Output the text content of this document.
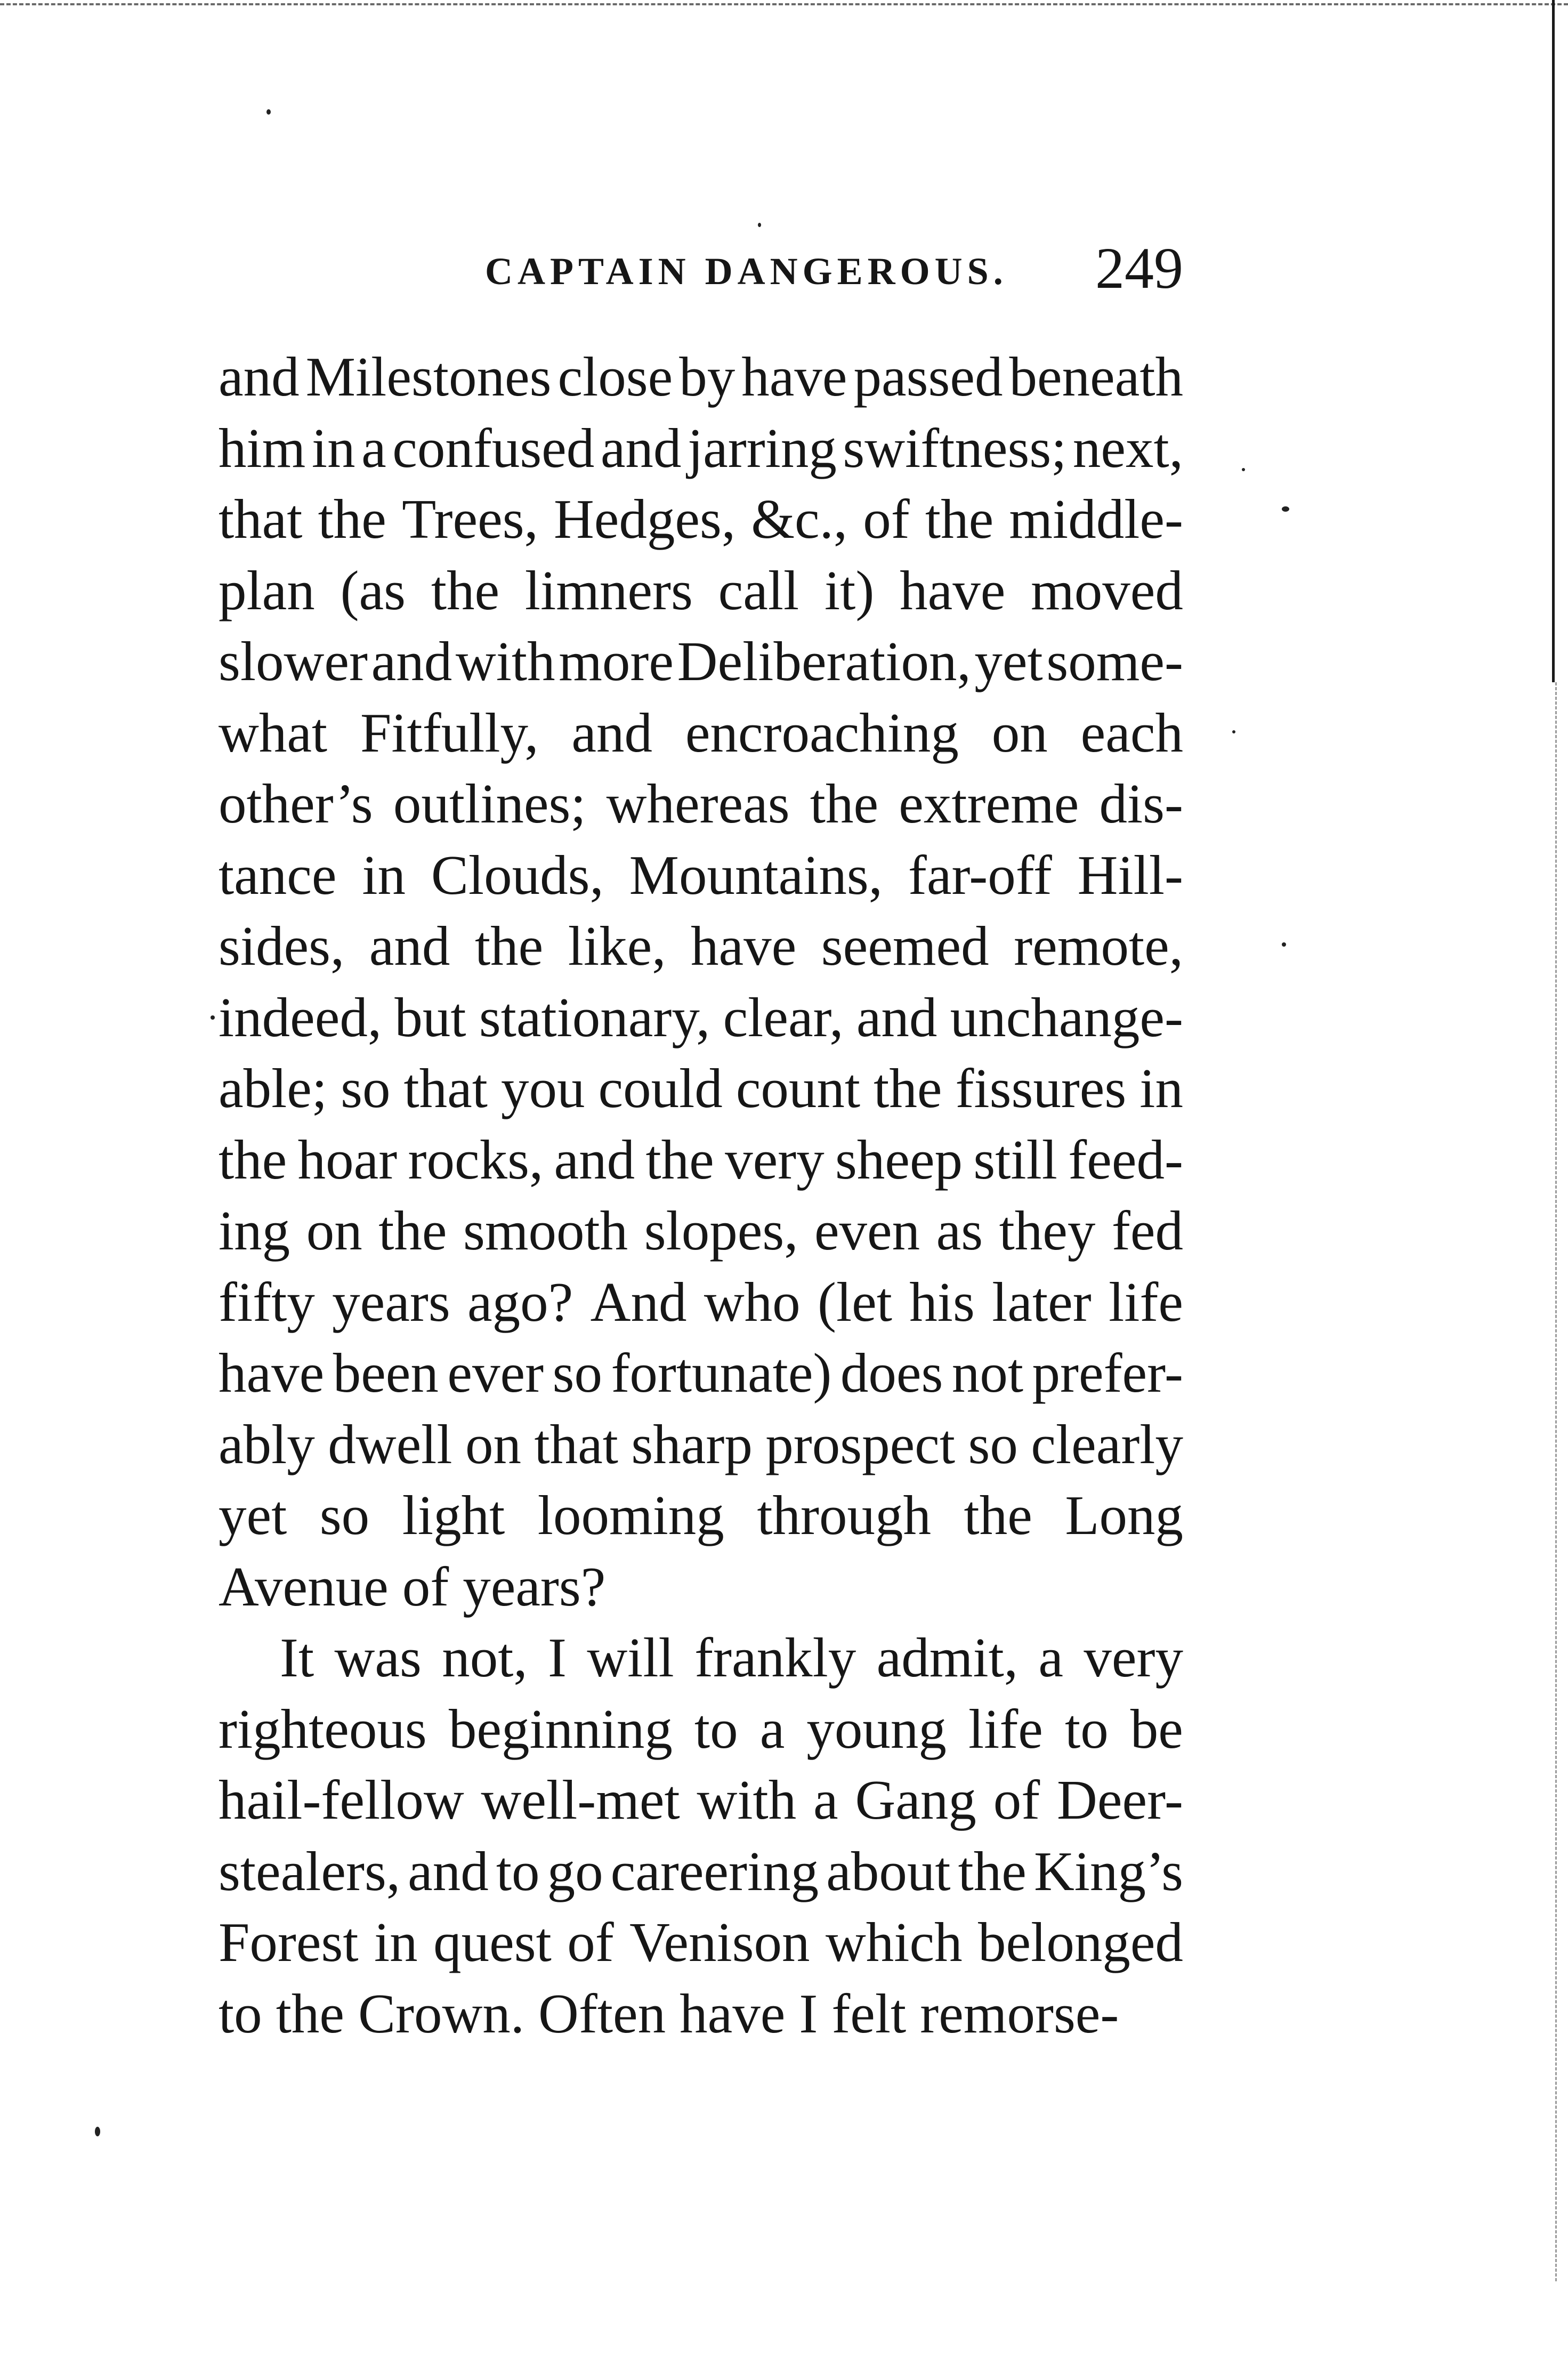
CAPTAIN DANGEROUS. 249
and Milestones close by have passed beneath
him in a confused and jarring swiftness; next,
that the Trees, Hedges, &c., of the middle-
plan (as the limners call it) have moved
slower and with more Deliberation, yet some-
what Fitfully, and encroaching on each
other’s outlines; whereas the extreme dis-
tance in Clouds, Mountains, far-off Hill-
sides, and the like, have seemed remote,
indeed, but stationary, clear, and unchange-
able; so that you could count the fissures in
the hoar rocks, and the very sheep still feed-
ing on the smooth slopes, even as they fed
fifty years ago? And who (let his later life
have been ever so fortunate) does not prefer-
ably dwell on that sharp prospect so clearly
yet so light looming through the Long
Avenue of years?
It was not, I will frankly admit, a very
righteous beginning to a young life to be
hail-fellow well-met with a Gang of Deer-
stealers, and to go careering about the King’s
Forest in quest of Venison which belonged
to the Crown. Often have I felt remorse-
